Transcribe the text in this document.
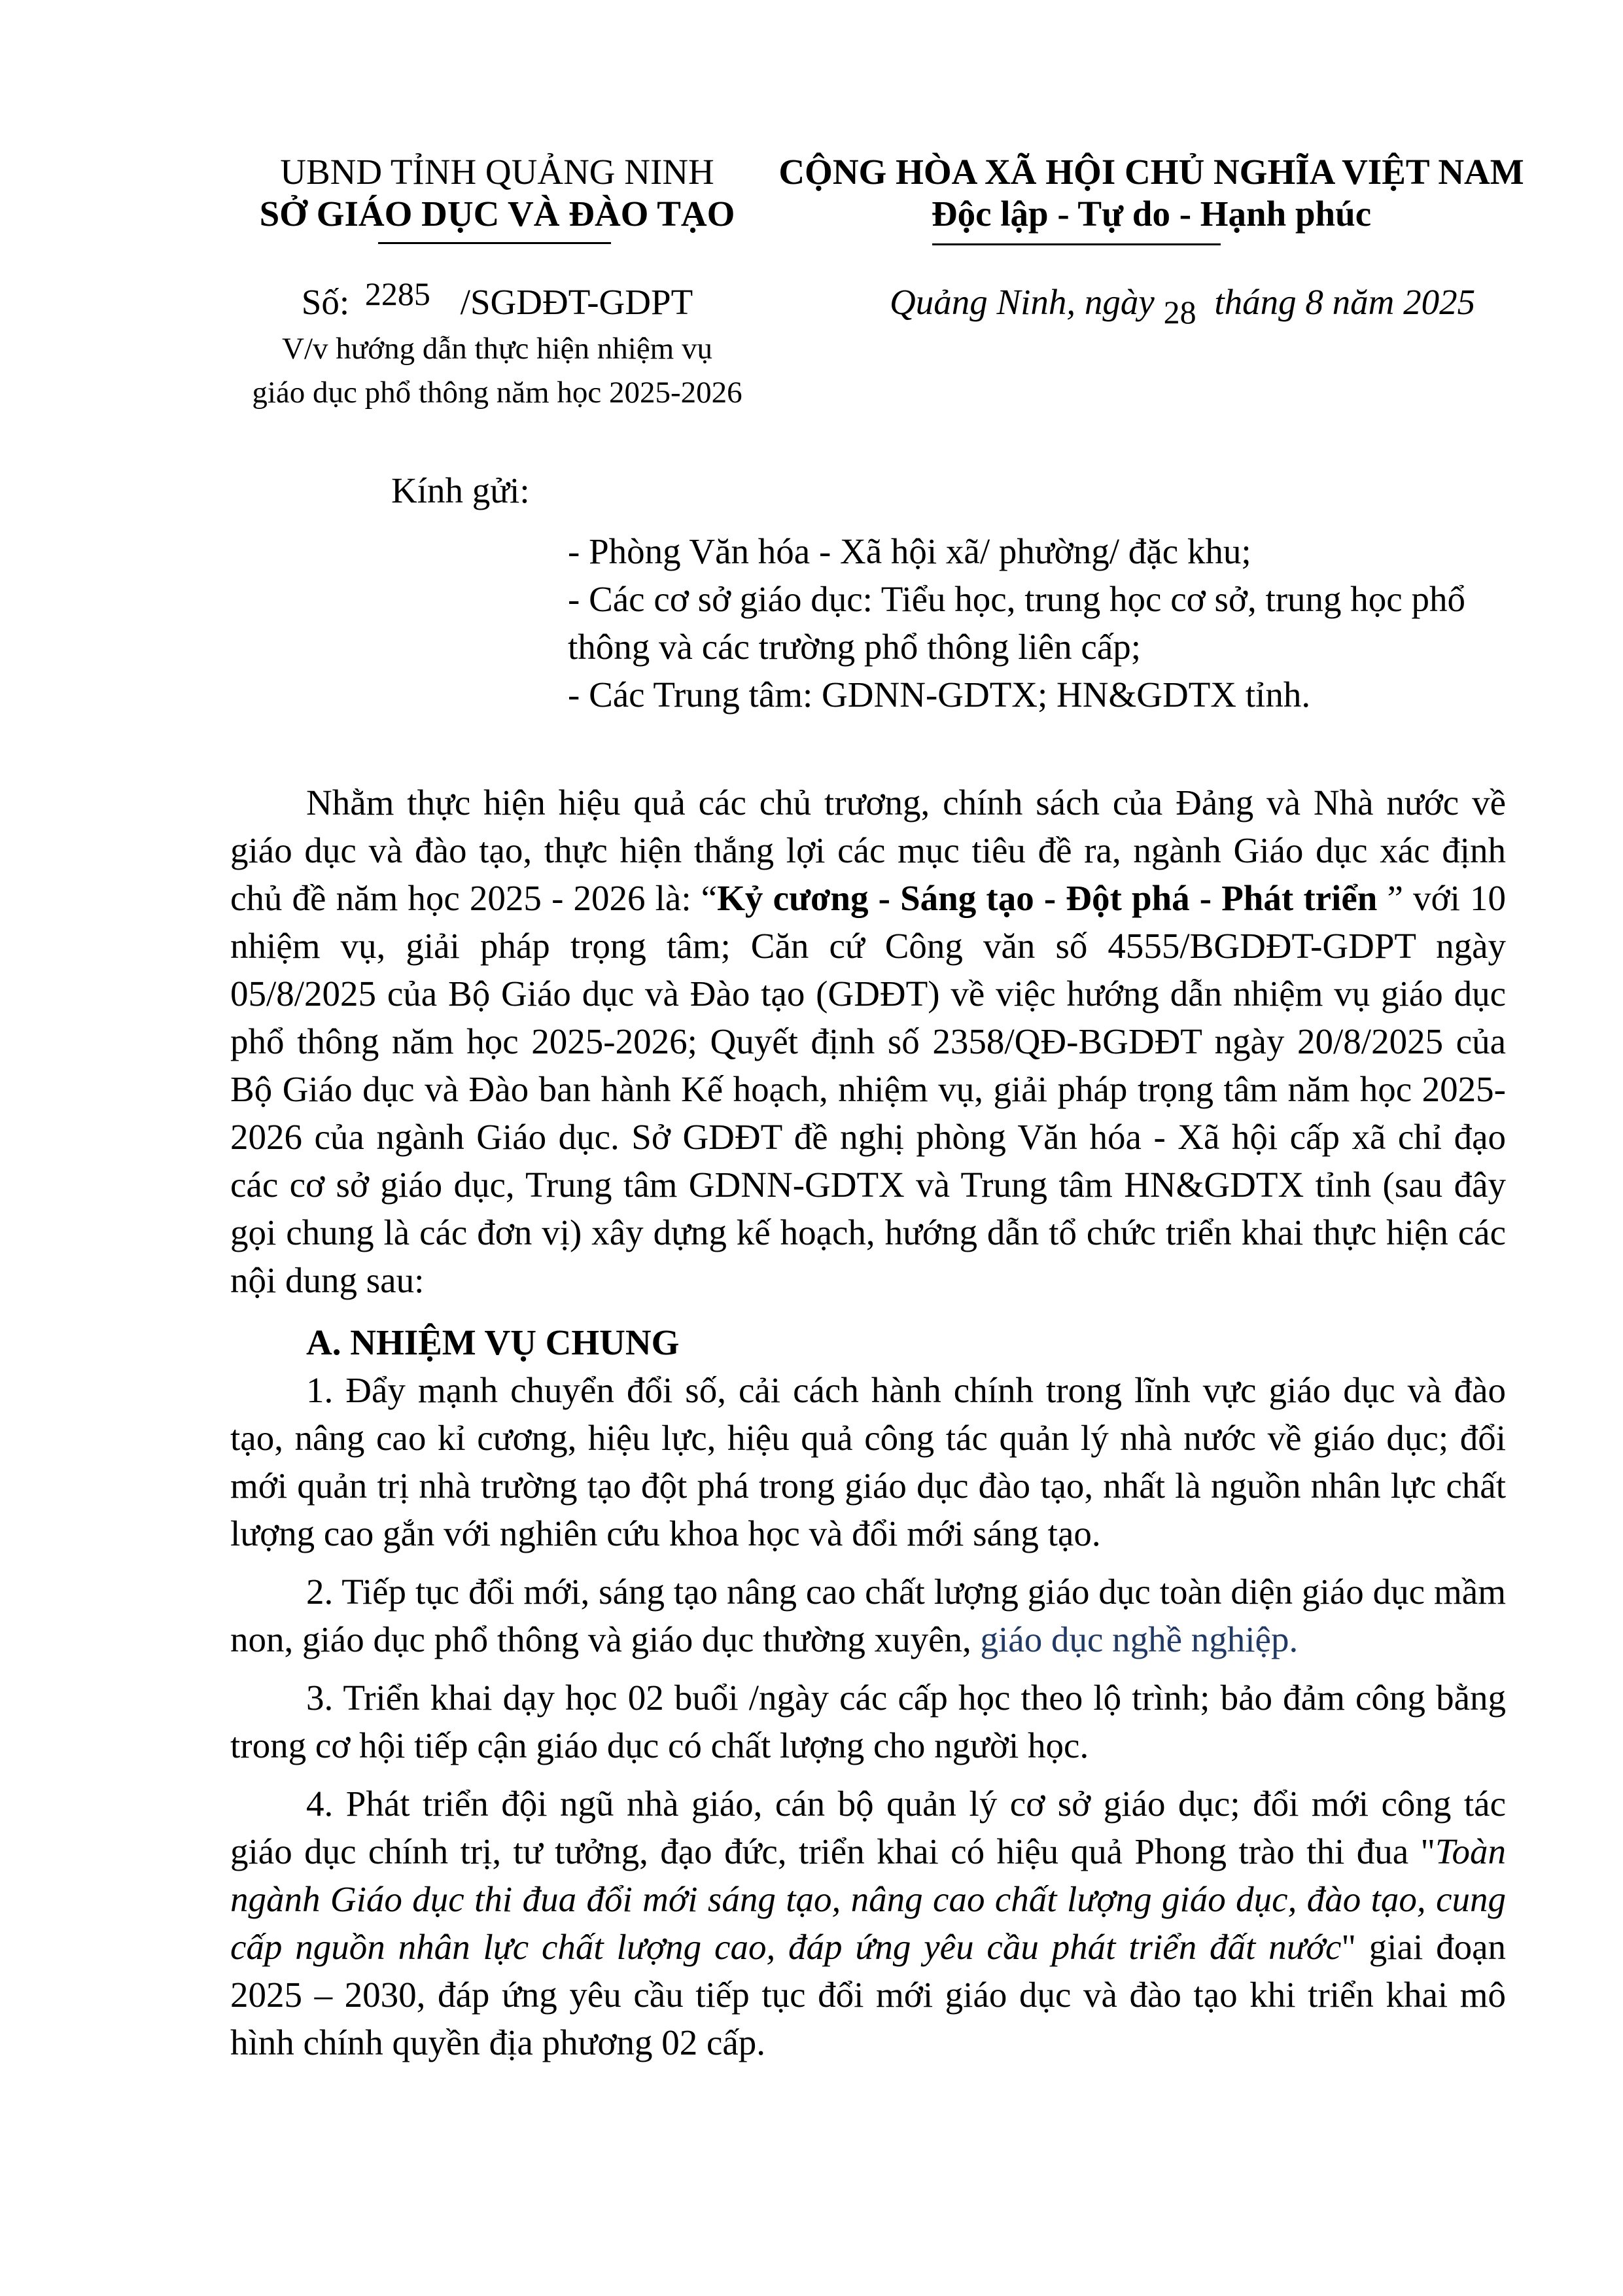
UBND TỈNH QUẢNG NINH
SỞ GIÁO DỤC VÀ ĐÀO TẠO
CỘNG HÒA XÃ HỘI CHỦ NGHĨA VIỆT NAM
Độc lập - Tự do - Hạnh phúc
Số: 2285 /SGDĐT-GDPT
V/v hướng dẫn thực hiện nhiệm vụ
giáo dục phổ thông năm học 2025-2026
Quảng Ninh, ngày 28 tháng 8 năm 2025
Kính gửi:
- Phòng Văn hóa - Xã hội xã/ phường/ đặc khu;
- Các cơ sở giáo dục: Tiểu học, trung học cơ sở, trung học phổ thông và các trường phổ thông liên cấp;
- Các Trung tâm: GDNN-GDTX; HN&GDTX tỉnh.

Nhằm thực hiện hiệu quả các chủ trương, chính sách của Đảng và Nhà nước về giáo dục và đào tạo, thực hiện thắng lợi các mục tiêu đề ra, ngành Giáo dục xác định chủ đề năm học 2025 - 2026 là: “Kỷ cương - Sáng tạo - Đột phá - Phát triển ” với 10 nhiệm vụ, giải pháp trọng tâm; Căn cứ Công văn số 4555/BGDĐT-GDPT ngày 05/8/2025 của Bộ Giáo dục và Đào tạo (GDĐT) về việc hướng dẫn nhiệm vụ giáo dục phổ thông năm học 2025-2026; Quyết định số 2358/QĐ-BGDĐT ngày 20/8/2025 của Bộ Giáo dục và Đào ban hành Kế hoạch, nhiệm vụ, giải pháp trọng tâm năm học 2025-2026 của ngành Giáo dục. Sở GDĐT đề nghị phòng Văn hóa - Xã hội cấp xã chỉ đạo các cơ sở giáo dục, Trung tâm GDNN-GDTX và Trung tâm HN&GDTX tỉnh (sau đây gọi chung là các đơn vị) xây dựng kế hoạch, hướng dẫn tổ chức triển khai thực hiện các nội dung sau:

A. NHIỆM VỤ CHUNG

1. Đẩy mạnh chuyển đổi số, cải cách hành chính trong lĩnh vực giáo dục và đào tạo, nâng cao kỉ cương, hiệu lực, hiệu quả công tác quản lý nhà nước về giáo dục; đổi mới quản trị nhà trường tạo đột phá trong giáo dục đào tạo, nhất là nguồn nhân lực chất lượng cao gắn với nghiên cứu khoa học và đổi mới sáng tạo.

2. Tiếp tục đổi mới, sáng tạo nâng cao chất lượng giáo dục toàn diện giáo dục mầm non, giáo dục phổ thông và giáo dục thường xuyên, giáo dục nghề nghiệp.

3. Triển khai dạy học 02 buổi /ngày các cấp học theo lộ trình; bảo đảm công bằng trong cơ hội tiếp cận giáo dục có chất lượng cho người học.

4. Phát triển đội ngũ nhà giáo, cán bộ quản lý cơ sở giáo dục; đổi mới công tác giáo dục chính trị, tư tưởng, đạo đức, triển khai có hiệu quả Phong trào thi đua "Toàn ngành Giáo dục thi đua đổi mới sáng tạo, nâng cao chất lượng giáo dục, đào tạo, cung cấp nguồn nhân lực chất lượng cao, đáp ứng yêu cầu phát triển đất nước" giai đoạn 2025 – 2030, đáp ứng yêu cầu tiếp tục đổi mới giáo dục và đào tạo khi triển khai mô hình chính quyền địa phương 02 cấp.
